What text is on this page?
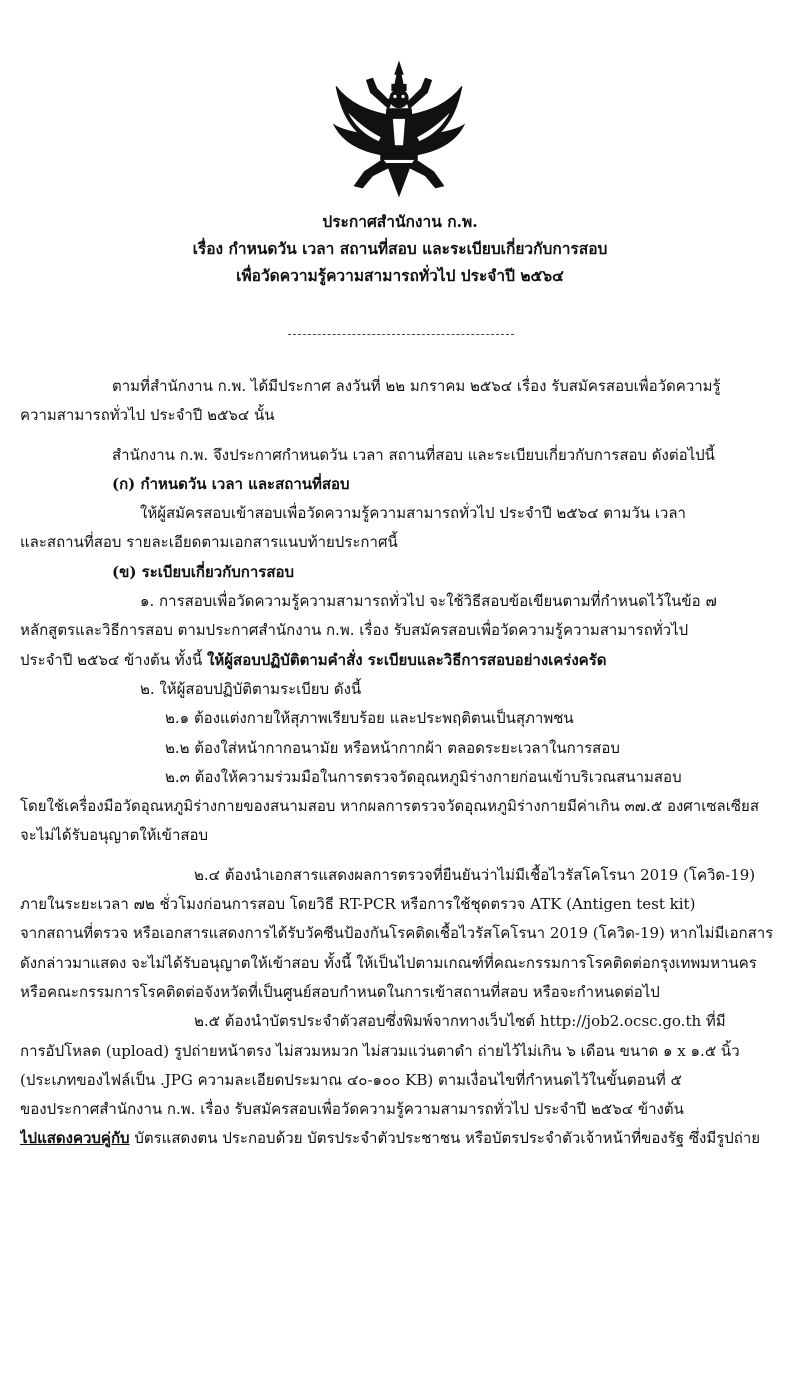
ประกาศสำนักงาน ก.พ.
เรื่อง กำหนดวัน เวลา สถานที่สอบ และระเบียบเกี่ยวกับการสอบ
เพื่อวัดความรู้ความสามารถทั่วไป ประจำปี ๒๕๖๔
ตามที่สำนักงาน ก.พ. ได้มีประกาศ ลงวันที่ ๒๒ มกราคม ๒๕๖๔ เรื่อง รับสมัครสอบเพื่อวัดความรู้
ความสามารถทั่วไป ประจำปี ๒๕๖๔ นั้น
สำนักงาน ก.พ. จึงประกาศกำหนดวัน เวลา สถานที่สอบ และระเบียบเกี่ยวกับการสอบ ดังต่อไปนี้
(ก) กำหนดวัน เวลา และสถานที่สอบ
ให้ผู้สมัครสอบเข้าสอบเพื่อวัดความรู้ความสามารถทั่วไป ประจำปี ๒๕๖๔ ตามวัน เวลา
และสถานที่สอบ รายละเอียดตามเอกสารแนบท้ายประกาศนี้
(ข) ระเบียบเกี่ยวกับการสอบ
๑. การสอบเพื่อวัดความรู้ความสามารถทั่วไป จะใช้วิธีสอบข้อเขียนตามที่กำหนดไว้ในข้อ ๗
หลักสูตรและวิธีการสอบ ตามประกาศสำนักงาน ก.พ. เรื่อง รับสมัครสอบเพื่อวัดความรู้ความสามารถทั่วไป
ประจำปี ๒๕๖๔ ข้างต้น ทั้งนี้ ให้ผู้สอบปฏิบัติตามคำสั่ง ระเบียบและวิธีการสอบอย่างเคร่งครัด
๒. ให้ผู้สอบปฏิบัติตามระเบียบ ดังนี้
๒.๑ ต้องแต่งกายให้สุภาพเรียบร้อย และประพฤติตนเป็นสุภาพชน
๒.๒ ต้องใส่หน้ากากอนามัย หรือหน้ากากผ้า ตลอดระยะเวลาในการสอบ
๒.๓ ต้องให้ความร่วมมือในการตรวจวัดอุณหภูมิร่างกายก่อนเข้าบริเวณสนามสอบ
โดยใช้เครื่องมือวัดอุณหภูมิร่างกายของสนามสอบ หากผลการตรวจวัดอุณหภูมิร่างกายมีค่าเกิน ๓๗.๕ องศาเซลเซียส
จะไม่ได้รับอนุญาตให้เข้าสอบ
๒.๔ ต้องนำเอกสารแสดงผลการตรวจที่ยืนยันว่าไม่มีเชื้อไวรัสโคโรนา 2019 (โควิด-19)
ภายในระยะเวลา ๗๒ ชั่วโมงก่อนการสอบ โดยวิธี RT-PCR หรือการใช้ชุดตรวจ ATK (Antigen test kit)
จากสถานที่ตรวจ หรือเอกสารแสดงการได้รับวัคซีนป้องกันโรคติดเชื้อไวรัสโคโรนา 2019 (โควิด-19) หากไม่มีเอกสาร
ดังกล่าวมาแสดง จะไม่ได้รับอนุญาตให้เข้าสอบ ทั้งนี้ ให้เป็นไปตามเกณฑ์ที่คณะกรรมการโรคติดต่อกรุงเทพมหานคร
หรือคณะกรรมการโรคติดต่อจังหวัดที่เป็นศูนย์สอบกำหนดในการเข้าสถานที่สอบ หรือจะกำหนดต่อไป
๒.๕ ต้องนำบัตรประจำตัวสอบซึ่งพิมพ์จากทางเว็บไซต์ http://job2.ocsc.go.th ที่มี
การอัปโหลด (upload) รูปถ่ายหน้าตรง ไม่สวมหมวก ไม่สวมแว่นตาดำ ถ่ายไว้ไม่เกิน ๖ เดือน ขนาด ๑ x ๑.๕ นิ้ว
(ประเภทของไฟล์เป็น .JPG ความละเอียดประมาณ ๔๐-๑๐๐ KB) ตามเงื่อนไขที่กำหนดไว้ในขั้นตอนที่ ๕
ของประกาศสำนักงาน ก.พ. เรื่อง รับสมัครสอบเพื่อวัดความรู้ความสามารถทั่วไป ประจำปี ๒๕๖๔ ข้างต้น
ไปแสดงควบคู่กับ บัตรแสดงตน ประกอบด้วย บัตรประจำตัวประชาชน หรือบัตรประจำตัวเจ้าหน้าที่ของรัฐ ซึ่งมีรูปถ่าย
